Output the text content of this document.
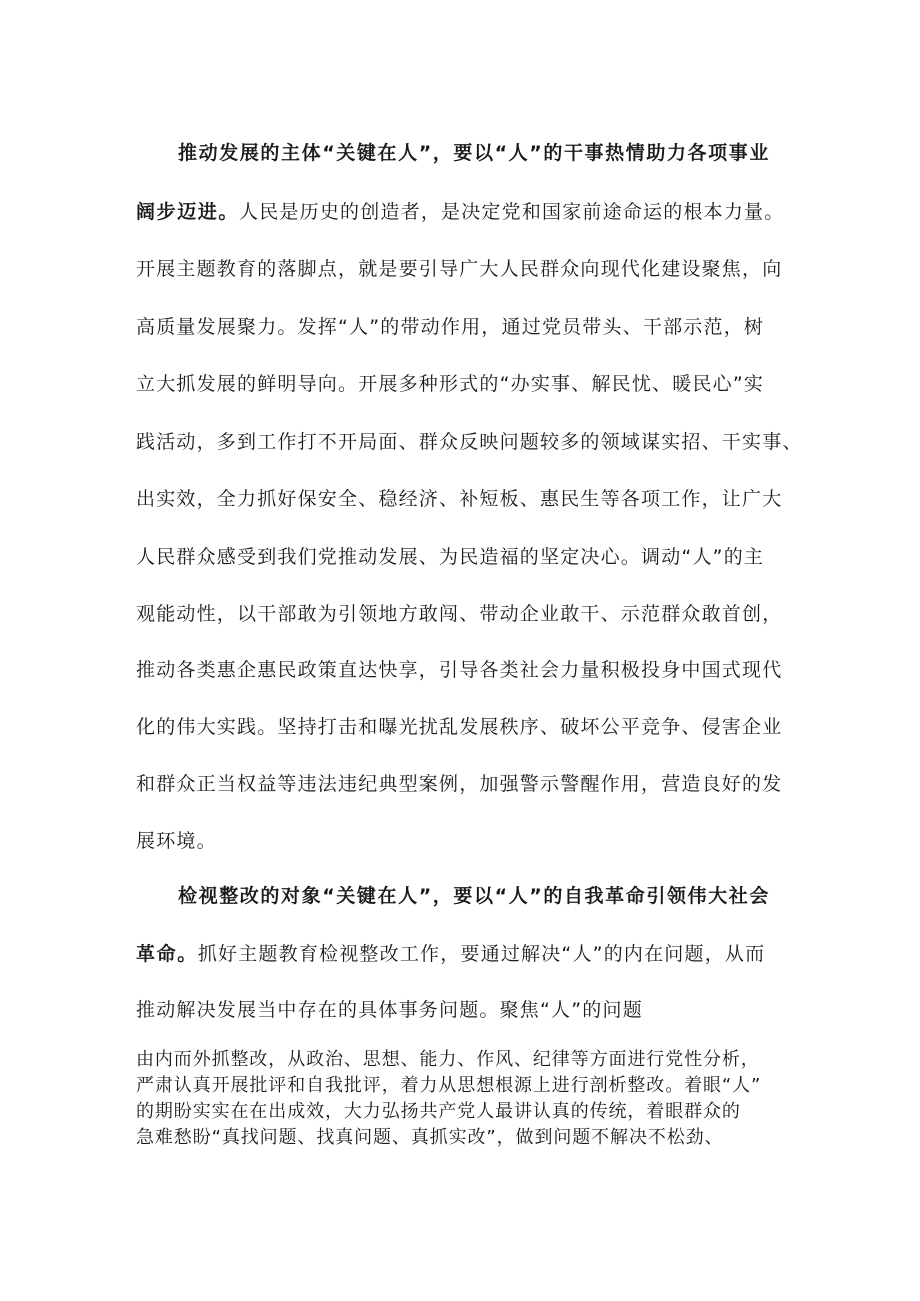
推动发展的主体“关键在人”，要以“人”的干事热情助力各项事业
阔步迈进。人民是历史的创造者，是决定党和国家前途命运的根本力量。
开展主题教育的落脚点，就是要引导广大人民群众向现代化建设聚焦，向
高质量发展聚力。发挥“人”的带动作用，通过党员带头、干部示范，树
立大抓发展的鲜明导向。开展多种形式的“办实事、解民忧、暖民心”实
践活动，多到工作打不开局面、群众反映问题较多的领域谋实招、干实事、
出实效，全力抓好保安全、稳经济、补短板、惠民生等各项工作，让广大
人民群众感受到我们党推动发展、为民造福的坚定决心。调动“人”的主
观能动性，以干部敢为引领地方敢闯、带动企业敢干、示范群众敢首创，
推动各类惠企惠民政策直达快享，引导各类社会力量积极投身中国式现代
化的伟大实践。坚持打击和曝光扰乱发展秩序、破坏公平竞争、侵害企业
和群众正当权益等违法违纪典型案例，加强警示警醒作用，营造良好的发
展环境。
检视整改的对象“关键在人”，要以“人”的自我革命引领伟大社会
革命。抓好主题教育检视整改工作，要通过解决“人”的内在问题，从而
推动解决发展当中存在的具体事务问题。聚焦“人”的问题
由内而外抓整改，从政治、思想、能力、作风、纪律等方面进行党性分析，
严肃认真开展批评和自我批评，着力从思想根源上进行剖析整改。着眼“人”
的期盼实实在在出成效，大力弘扬共产党人最讲认真的传统，着眼群众的
急难愁盼“真找问题、找真问题、真抓实改”，做到问题不解决不松劲、
